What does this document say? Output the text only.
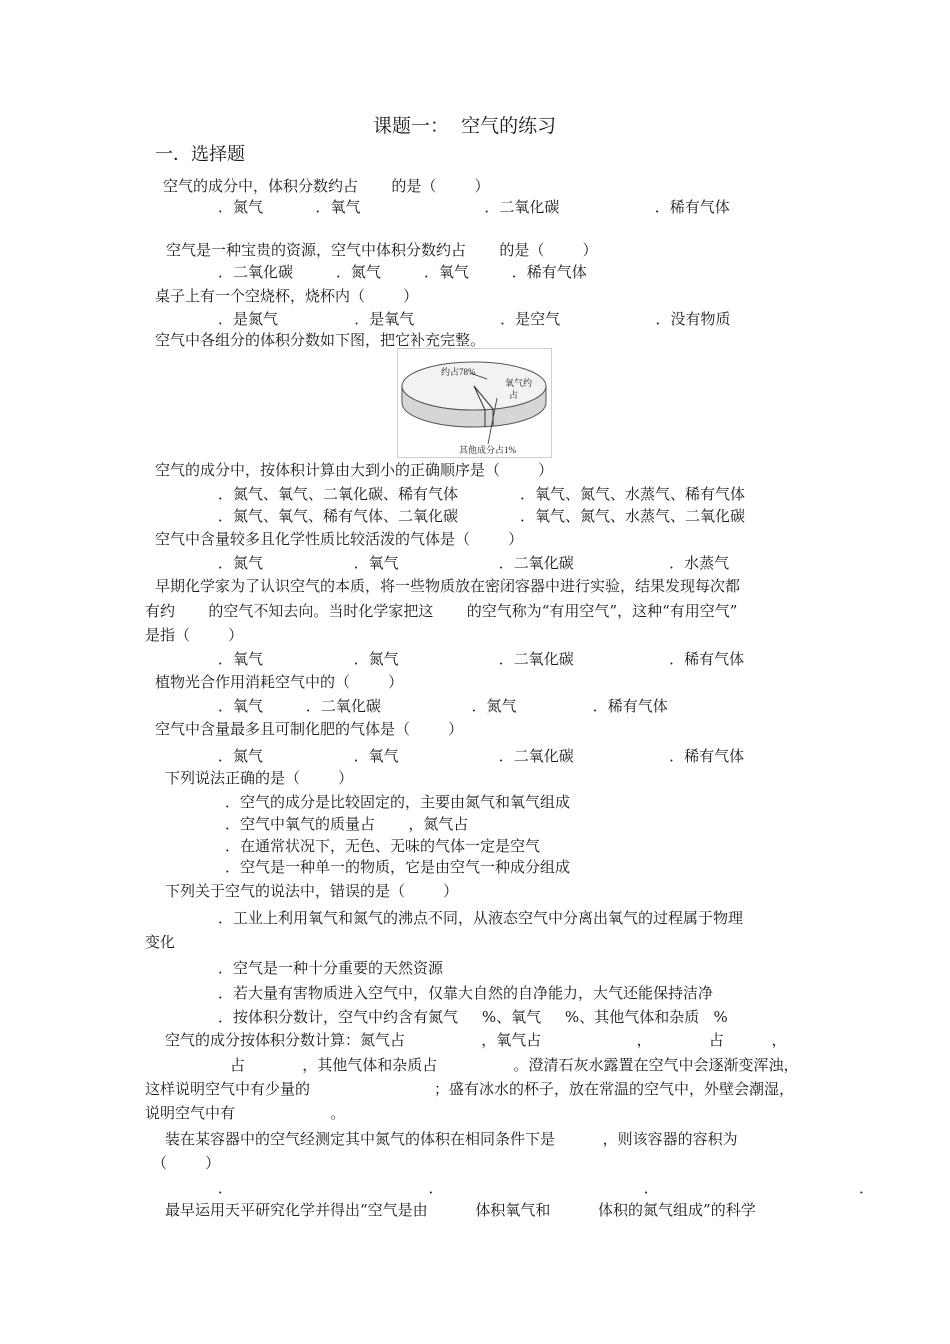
课题一：  空气的练习
一．选择题
空气的成分中，体积分数约占       的是（        ）
．氮气           ．氧气                          ．二氧化碳                    ．稀有气体
空气是一种宝贵的资源，空气中体积分数约占       的是（        ）
．二氧化碳         ．氮气         ．氧气         ．稀有气体
桌子上有一个空烧杯，烧杯内（        ）
．是氮气                ．是氧气                  ．是空气                    ．没有物质
空气中各组分的体积分数如下图，把它补充完整。
约占78%
氧气约
占
其他成分占1%
空气的成分中，按体积计算由大到小的正确顺序是（        ）
．氮气、氧气、二氧化碳、稀有气体             ．氧气、氮气、水蒸气、稀有气体
．氮气、氧气、稀有气体、二氧化碳             ．氧气、氮气、水蒸气、二氧化碳
空气中含量较多且化学性质比较活泼的气体是（        ）
．氮气                   ．氧气                     ．二氧化碳                    ．水蒸气
早期化学家为了认识空气的本质，将一些物质放在密闭容器中进行实验，结果发现每次都
有约       的空气不知去向。当时化学家把这       的空气称为“有用空气”，这种“有用空气”
是指（        ）
．氧气                   ．氮气                     ．二氧化碳                    ．稀有气体
植物光合作用消耗空气中的（        ）
．氧气         ．二氧化碳                   ．氮气                ．稀有气体
空气中含量最多且可制化肥的气体是（        ）
．氮气                   ．氧气                     ．二氧化碳                    ．稀有气体
下列说法正确的是（        ）
．空气的成分是比较固定的，主要由氮气和氧气组成
．空气中氧气的质量占       ，氮气占
．在通常状况下，无色、无味的气体一定是空气
．空气是一种单一的物质，它是由空气一种成分组成
下列关于空气的说法中，错误的是（        ）
．工业上利用氧气和氮气的沸点不同，从液态空气中分离出氧气的过程属于物理
变化
．空气是一种十分重要的天然资源
．若大量有害物质进入空气中，仅靠大自然的自净能力，大气还能保持洁净
．按体积分数计，空气中约含有氮气     %、氧气     %、其他气体和杂质   %
空气的成分按体积分数计算：氮气占                ，氧气占                    ，            占          ，
占            ，其他气体和杂质占                。澄清石灰水露置在空气中会逐渐变浑浊，
这样说明空气中有少量的                          ；盛有冰水的杯子，放在常温的空气中，外壁会潮湿，
说明空气中有                    。
装在某容器中的空气经测定其中氮气的体积在相同条件下是          ，则该容器的容积为
（        ）
．                                         ．                                          ．                                          ．
最早运用天平研究化学并得出“空气是由          体积氧气和          体积的氮气组成”的科学
